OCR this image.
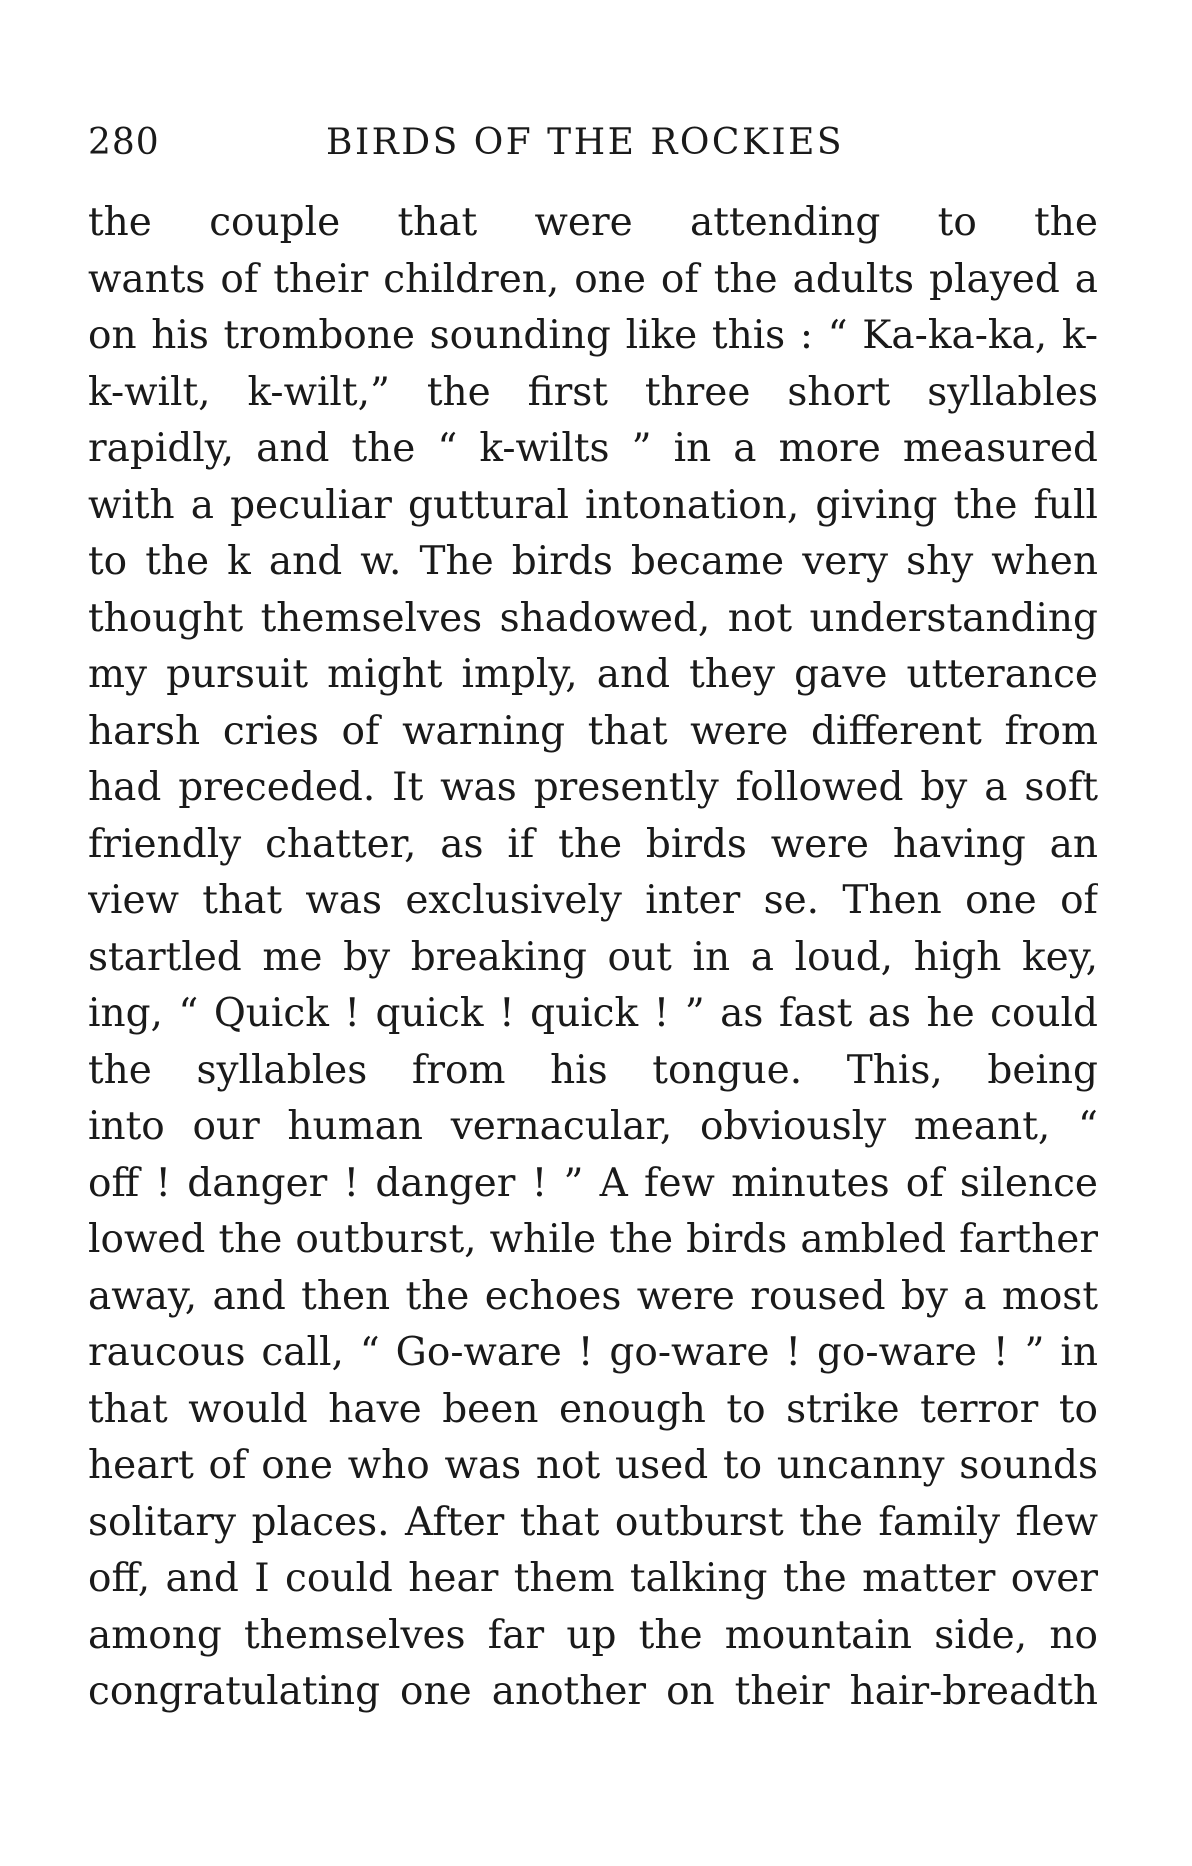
280	BIRDS OF THE ROCKIES
the couple that were attending to the
wants of their children, one of the adults played a
on his trombone sounding like this : “ Ka-ka-ka, k-
k-wilt, k-wilt,” the first three short syllables
rapidly, and the “ k-wilts ” in a more measured
with a peculiar guttural intonation, giving the full
to the k and w. The birds became very shy when
thought themselves shadowed, not understanding
my pursuit might imply, and they gave utterance
harsh cries of warning that were different from
had preceded. It was presently followed by a soft
friendly chatter, as if the birds were having an
view that was exclusively inter se. Then one of
startled me by breaking out in a loud, high key,
ing, “ Quick ! quick ! quick ! ” as fast as he could
the syllables from his tongue. This, being
into our human vernacular, obviously meant, “
off ! danger ! danger ! ” A few minutes of silence
lowed the outburst, while the birds ambled farther
away, and then the echoes were roused by a most
raucous call, “ Go-ware ! go-ware ! go-ware ! ” in
that would have been enough to strike terror to
heart of one who was not used to uncanny sounds
solitary places. After that outburst the family flew
off, and I could hear them talking the matter over
among themselves far up the mountain side, no
congratulating one another on their hair-breadth
